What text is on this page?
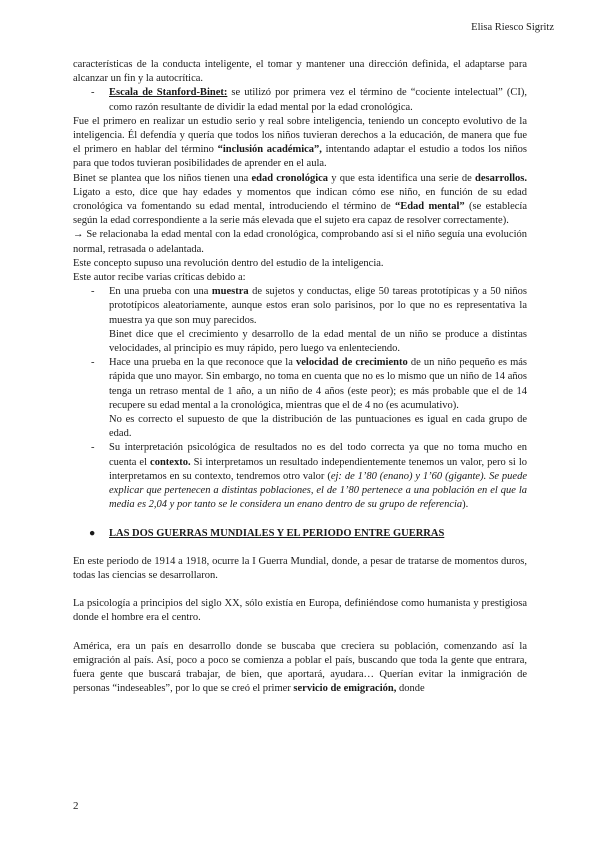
Elisa Riesco Sigritz

características de la conducta inteligente, el tomar y mantener una dirección definida, el adaptarse para alcanzar un fin y la autocrítica.

- Escala de Stanford-Binet: se utilizó por primera vez el término de “cociente intelectual” (CI), como razón resultante de dividir la edad mental por la edad cronológica.

Fue el primero en realizar un estudio serio y real sobre inteligencia, teniendo un concepto evolutivo de la inteligencia. Él defendía y quería que todos los niños tuvieran derechos a la educación, de manera que fue el primero en hablar del término “inclusión académica”, intentando adaptar el estudio a todos los niños para que todos tuvieran posibilidades de aprender en el aula.

Binet se plantea que los niños tienen una edad cronológica y que esta identifica una serie de desarrollos. Ligato a esto, dice que hay edades y momentos que indican cómo ese niño, en función de su edad cronológica va fomentando su edad mental, introduciendo el término de “Edad mental” (se establecía según la edad correspondiente a la serie más elevada que el sujeto era capaz de resolver correctamente).

→ Se relacionaba la edad mental con la edad cronológica, comprobando así si el niño seguía una evolución normal, retrasada o adelantada.

Este concepto supuso una revolución dentro del estudio de la inteligencia.

Este autor recibe varias críticas debido a:

- En una prueba con una muestra de sujetos y conductas, elige 50 tareas prototípicas y a 50 niños prototípicos aleatoriamente, aunque estos eran solo parisinos, por lo que no es representativa la muestra ya que son muy parecidos.

Binet dice que el crecimiento y desarrollo de la edad mental de un niño se produce a distintas velocidades, al principio es muy rápido, pero luego va enlenteciendo.

- Hace una prueba en la que reconoce que la velocidad de crecimiento de un niño pequeño es más rápida que uno mayor. Sin embargo, no toma en cuenta que no es lo mismo que un niño de 14 años tenga un retraso mental de 1 año, a un niño de 4 años (este peor); es más probable que el de 14 recupere su edad mental a la cronológica, mientras que el de 4 no (es acumulativo).

No es correcto el supuesto de que la distribución de las puntuaciones es igual en cada grupo de edad.

- Su interpretación psicológica de resultados no es del todo correcta ya que no toma mucho en cuenta el contexto. Si interpretamos un resultado independientemente tenemos un valor, pero si lo interpretamos en su contexto, tendremos otro valor (ej: de 1’80 (enano) y 1’60 (gigante). Se puede explicar que pertenecen a distintas poblaciones, el de 1’80 pertenece a una población en el que la media es 2,04 y por tanto se le considera un enano dentro de su grupo de referencia).

● LAS DOS GUERRAS MUNDIALES Y EL PERIODO ENTRE GUERRAS

En este periodo de 1914 a 1918, ocurre la I Guerra Mundial, donde, a pesar de tratarse de momentos duros, todas las ciencias se desarrollaron.

La psicología a principios del siglo XX, sólo existía en Europa, definiéndose como humanista y prestigiosa donde el hombre era el centro.

América, era un país en desarrollo donde se buscaba que creciera su población, comenzando así la emigración al país. Así, poco a poco se comienza a poblar el país, buscando que toda la gente que entrara, fuera gente que buscará trabajar, de bien, que aportará, ayudara… Querían evitar la inmigración de personas “indeseables”, por lo que se creó el primer servicio de emigración, donde

2
